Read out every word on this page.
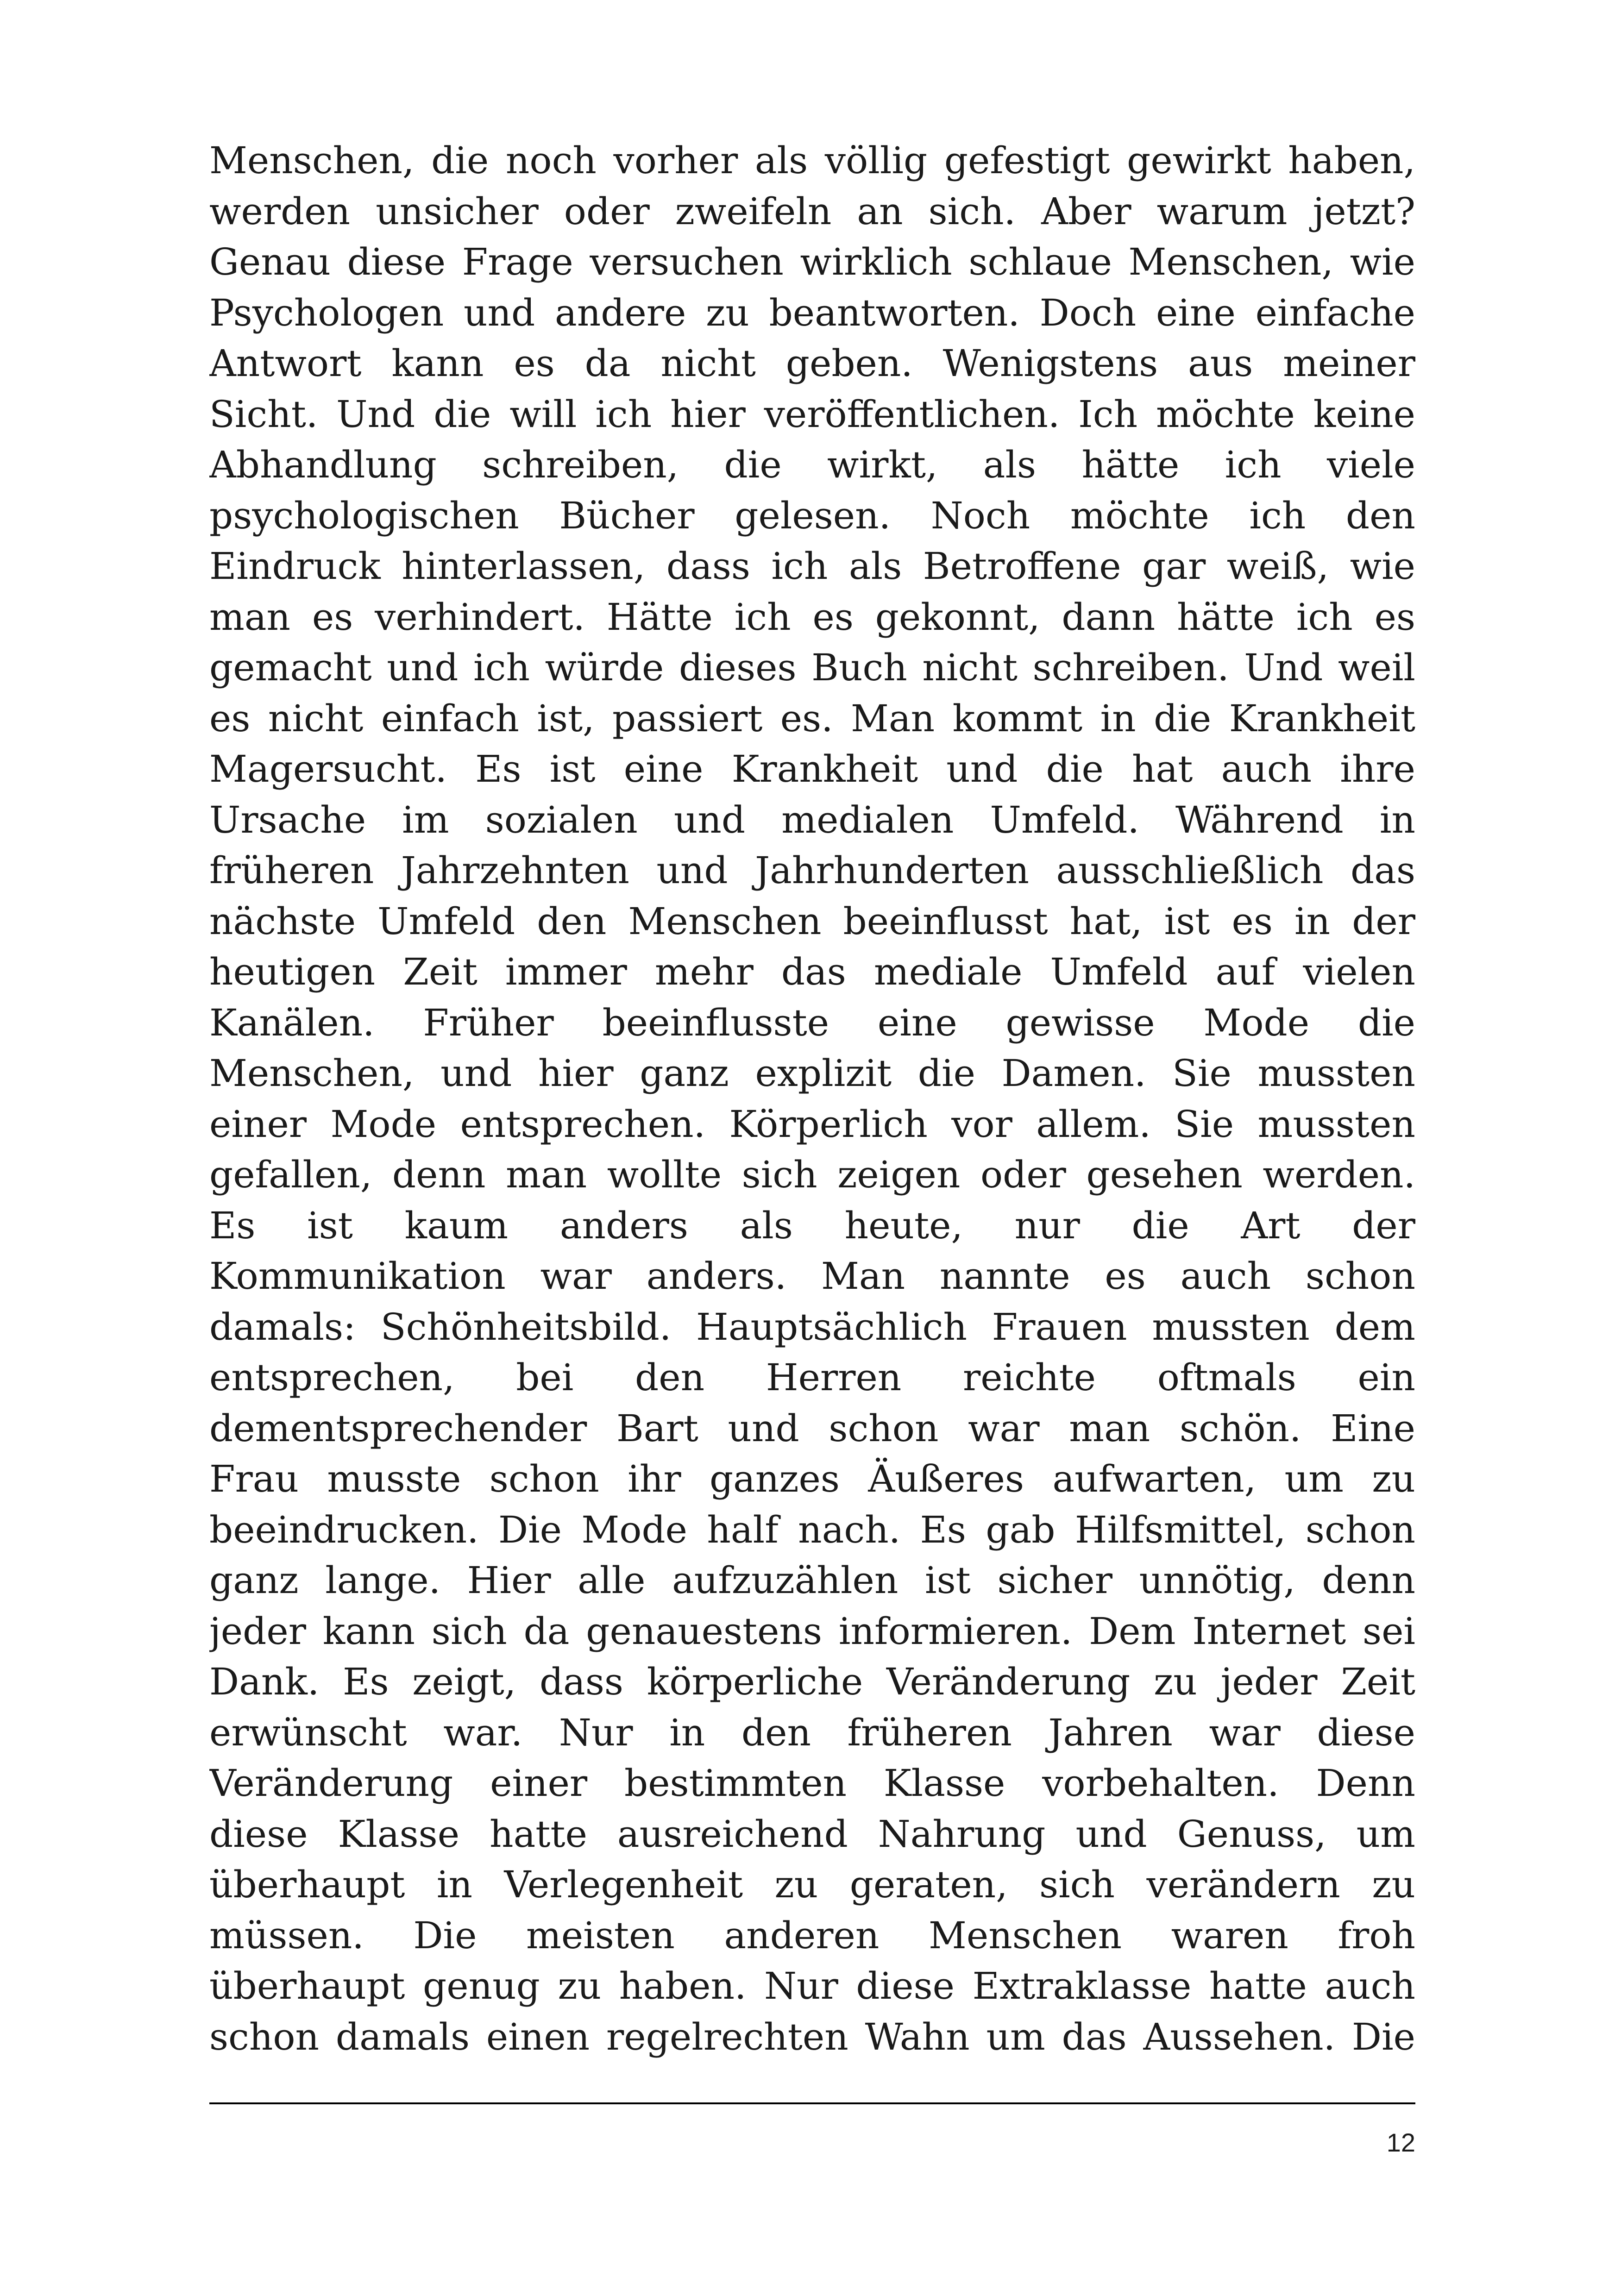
Menschen, die noch vorher als völlig gefestigt gewirkt haben,
werden unsicher oder zweifeln an sich. Aber warum jetzt?
Genau diese Frage versuchen wirklich schlaue Menschen, wie
Psychologen und andere zu beantworten. Doch eine einfache
Antwort kann es da nicht geben. Wenigstens aus meiner
Sicht. Und die will ich hier veröffentlichen. Ich möchte keine
Abhandlung schreiben, die wirkt, als hätte ich viele
psychologischen Bücher gelesen. Noch möchte ich den
Eindruck hinterlassen, dass ich als Betroffene gar weiß, wie
man es verhindert. Hätte ich es gekonnt, dann hätte ich es
gemacht und ich würde dieses Buch nicht schreiben. Und weil
es nicht einfach ist, passiert es. Man kommt in die Krankheit
Magersucht. Es ist eine Krankheit und die hat auch ihre
Ursache im sozialen und medialen Umfeld. Während in
früheren Jahrzehnten und Jahrhunderten ausschließlich das
nächste Umfeld den Menschen beeinflusst hat, ist es in der
heutigen Zeit immer mehr das mediale Umfeld auf vielen
Kanälen. Früher beeinflusste eine gewisse Mode die
Menschen, und hier ganz explizit die Damen. Sie mussten
einer Mode entsprechen. Körperlich vor allem. Sie mussten
gefallen, denn man wollte sich zeigen oder gesehen werden.
Es ist kaum anders als heute, nur die Art der
Kommunikation war anders. Man nannte es auch schon
damals: Schönheitsbild. Hauptsächlich Frauen mussten dem
entsprechen, bei den Herren reichte oftmals ein
dementsprechender Bart und schon war man schön. Eine
Frau musste schon ihr ganzes Äußeres aufwarten, um zu
beeindrucken. Die Mode half nach. Es gab Hilfsmittel, schon
ganz lange. Hier alle aufzuzählen ist sicher unnötig, denn
jeder kann sich da genauestens informieren. Dem Internet sei
Dank. Es zeigt, dass körperliche Veränderung zu jeder Zeit
erwünscht war. Nur in den früheren Jahren war diese
Veränderung einer bestimmten Klasse vorbehalten. Denn
diese Klasse hatte ausreichend Nahrung und Genuss, um
überhaupt in Verlegenheit zu geraten, sich verändern zu
müssen. Die meisten anderen Menschen waren froh
überhaupt genug zu haben. Nur diese Extraklasse hatte auch
schon damals einen regelrechten Wahn um das Aussehen. Die
12
